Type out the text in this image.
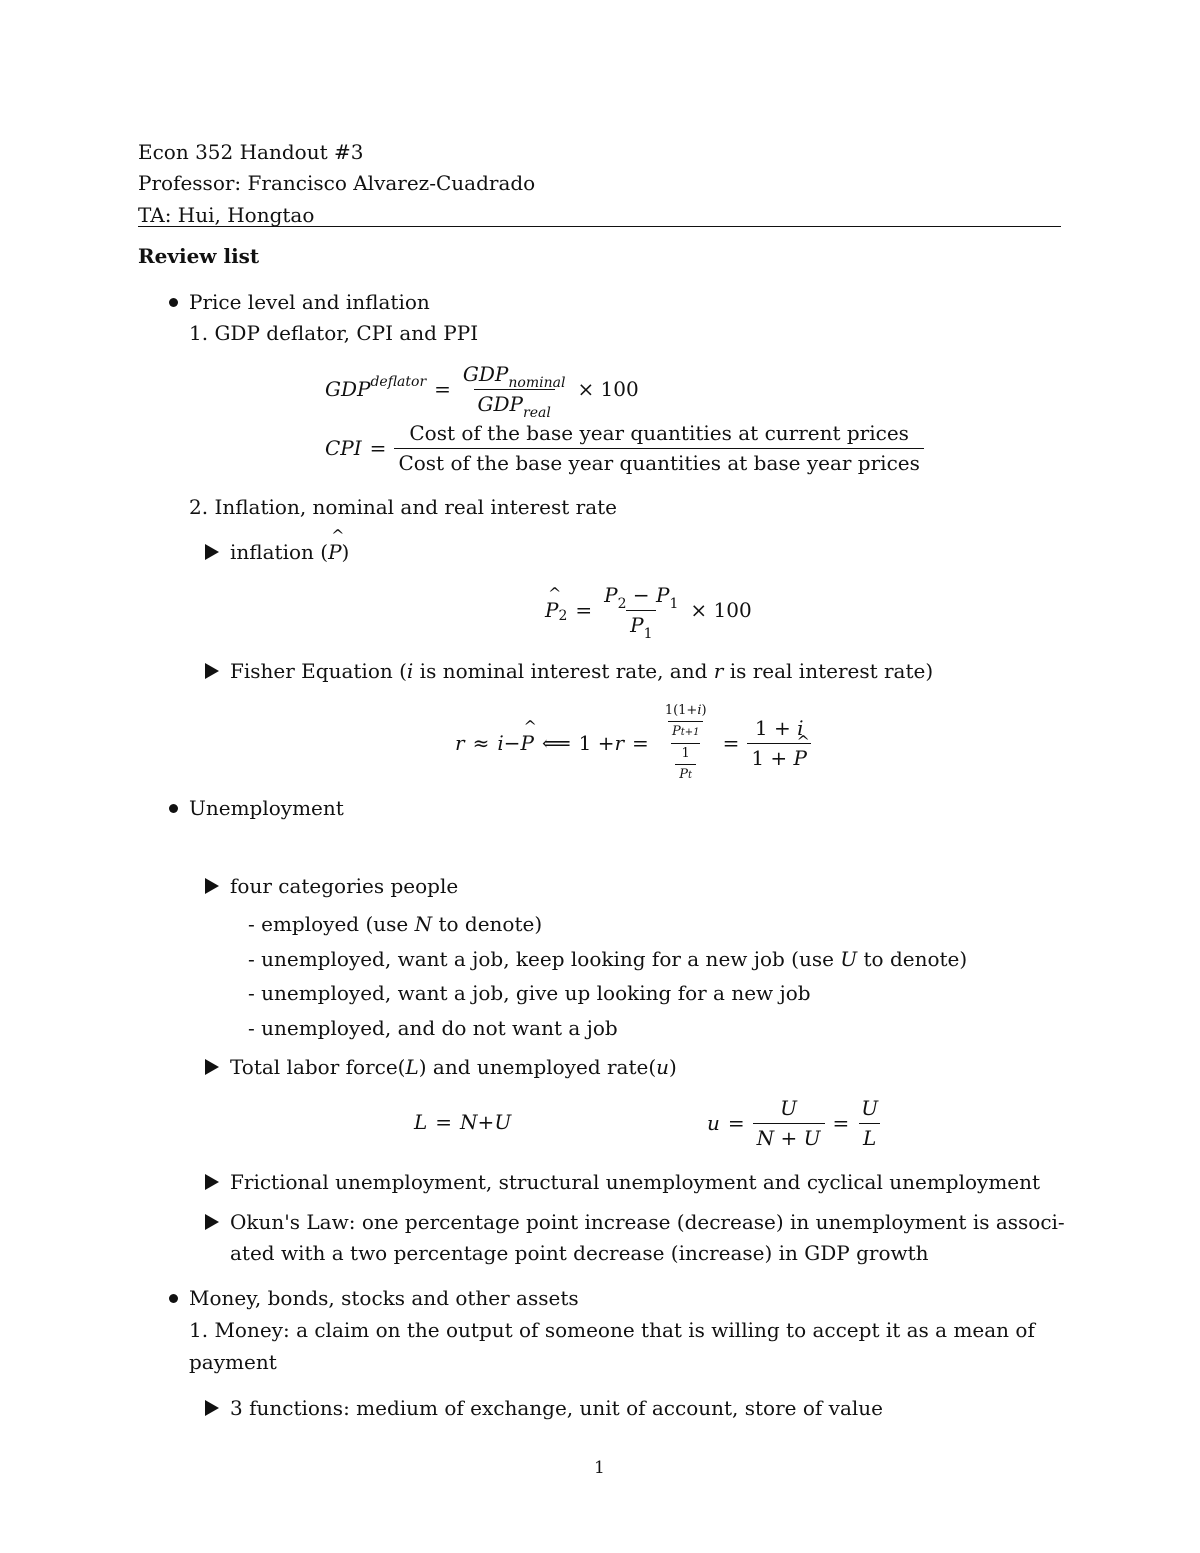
Econ 352 Handout #3
Professor: Francisco Alvarez-Cuadrado
TA: Hui, Hongtao
Review list
Price level and inflation
1. GDP deflator, CPI and PPI
$GDP^{deflator} = \frac{GDP_{nominal}}{GDP_{real}} \times 100$
CPI = $\frac{\text{Cost of the base year quantities at current prices}}{\text{Cost of the base year quantities at base year prices}}$
2. Inflation, nominal and real interest rate
inflation (^ P)
^ P $2 = \frac{P_2 - P_1}{P_1} \times 100$
Fisher Equation (i is nominal interest rate, and r is real interest rate)
r ≈ i −
^ P ⟸ $1 + r = \frac{\frac{1(1+i)}{Pt+1}}{\frac{1}{Pt}} = \frac{1 + i}{1 + \^{} P}$
Unemployment
four categories people
- employed (use N to denote)
- unemployed, want a job, keep looking for a new job (use U to denote)
- unemployed, want a job, give up looking for a new job
- unemployed, and do not want a job
Total labor force(L) and unemployed rate(u)
L = N + U	$u = \frac{U}{N + U} = \frac{U}{L}$
Frictional unemployment, structural unemployment and cyclical unemployment
Okun's Law: one percentage point increase (decrease) in unemployment is associ-
ated with a two percentage point decrease (increase) in GDP growth
Money, bonds, stocks and other assets
1. Money: a claim on the output of someone that is willing to accept it as a mean of
payment
3 functions: medium of exchange, unit of account, store of value
1
